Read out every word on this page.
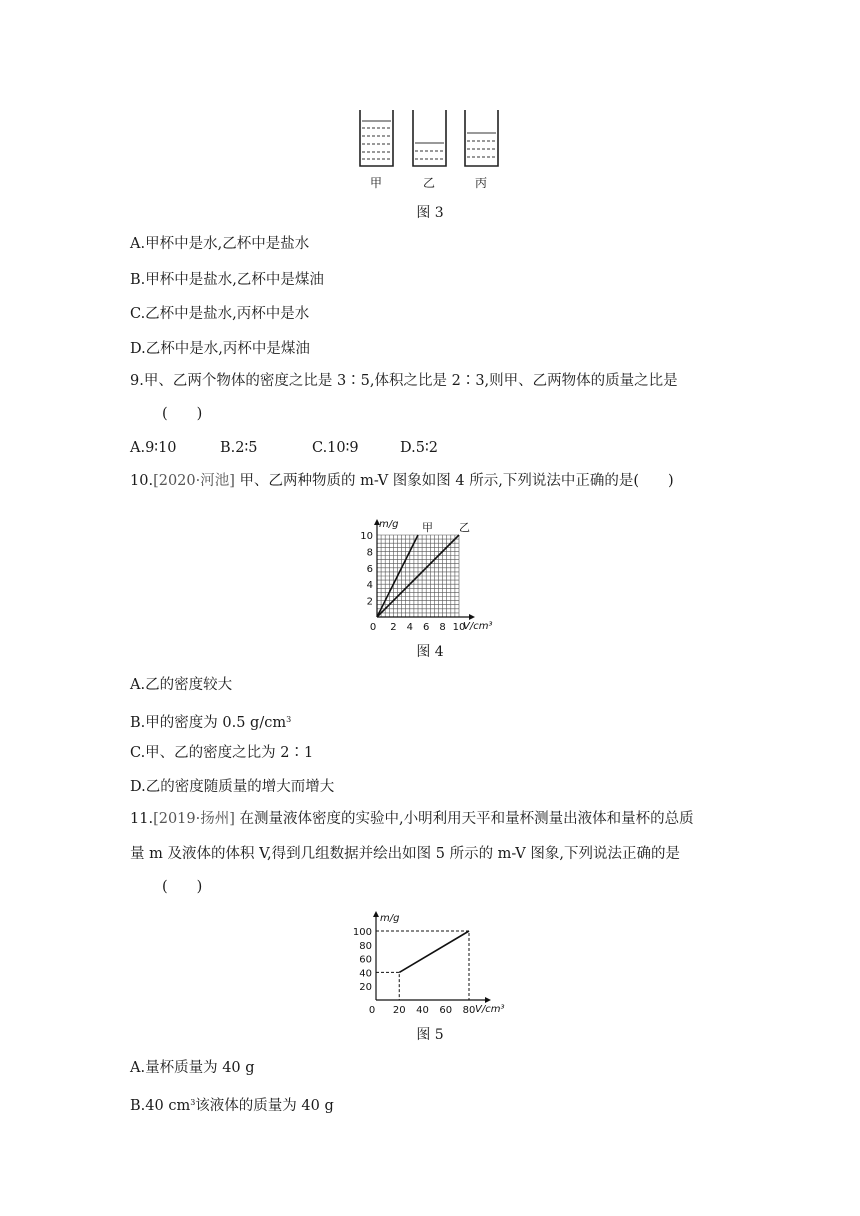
甲	乙	丙
图 3
A.甲杯中是水,乙杯中是盐水
B.甲杯中是盐水,乙杯中是煤油
C.乙杯中是盐水,丙杯中是水
D.乙杯中是水,丙杯中是煤油
9.甲、乙两个物体的密度之比是 3∶5,体积之比是 2∶3,则甲、乙两物体的质量之比是
(　　)
A.9∶10	B.2∶5	C.10∶9	D.5∶2
10.[2020·河池] 甲、乙两种物质的 m-V 图象如图 4 所示,下列说法中正确的是(　　)
10
8
6
4
2
0 2 4 6 8 10
m/g
V/cm³
甲 乙
图 4
A.乙的密度较大
B.甲的密度为 0.5 $g/cm^3$
C.甲、乙的密度之比为 2∶1
D.乙的密度随质量的增大而增大
11.[2019·扬州] 在测量液体密度的实验中,小明利用天平和量杯测量出液体和量杯的总质
量 m 及液体的体积 V,得到几组数据并绘出如图 5 所示的 m-V 图象,下列说法正确的是
(　　)
100
80
60
40
20
0 20 40 60 80
m/g
V/cm³
图 5
A.量杯质量为 40 g
B.40 $cm^3$该液体的质量为 40 g
